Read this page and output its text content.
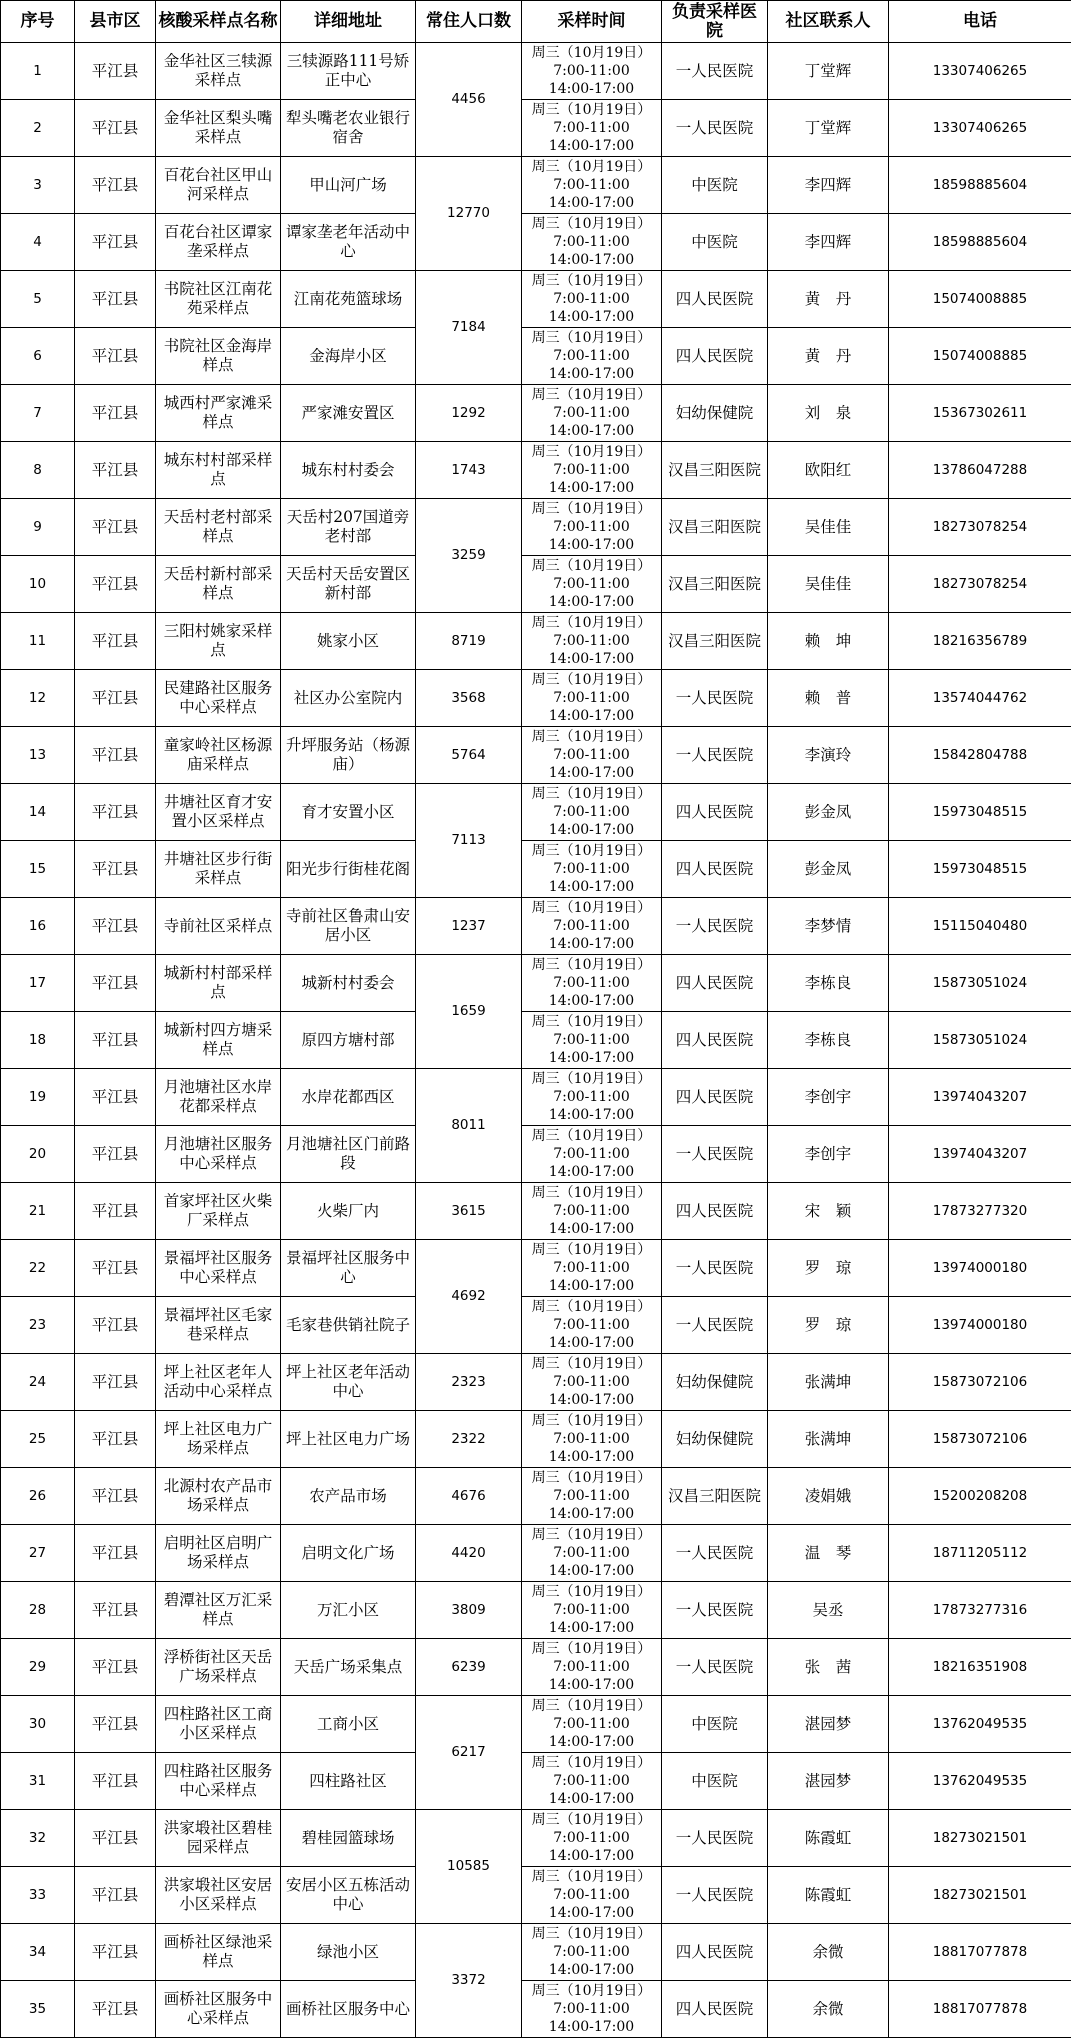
序号	县市区	核酸采样点名称	详细地址	常住人口数	采样时间	负责采样医院	社区联系人	电话
1	平江县	金华社区三犊源采样点	三犊源路111号矫正中心	4456	周三（10月19日）
7:00-11:00
14:00-17:00	一人民医院	丁堂辉	13307406265
2	平江县	金华社区梨头嘴采样点	犁头嘴老农业银行宿舍		周三（10月19日）
7:00-11:00
14:00-17:00	一人民医院	丁堂辉	13307406265
3	平江县	百花台社区甲山河采样点	甲山河广场	12770	周三（10月19日）
7:00-11:00
14:00-17:00	中医院	李四辉	18598885604
4	平江县	百花台社区谭家垄采样点	谭家垄老年活动中心		周三（10月19日）
7:00-11:00
14:00-17:00	中医院	李四辉	18598885604
5	平江县	书院社区江南花苑采样点	江南花苑篮球场	7184	周三（10月19日）
7:00-11:00
14:00-17:00	四人民医院	黄　丹	15074008885
6	平江县	书院社区金海岸样点	金海岸小区		周三（10月19日）
7:00-11:00
14:00-17:00	四人民医院	黄　丹	15074008885
7	平江县	城西村严家滩采样点	严家滩安置区	1292	周三（10月19日）
7:00-11:00
14:00-17:00	妇幼保健院	刘　泉	15367302611
8	平江县	城东村村部采样点	城东村村委会	1743	周三（10月19日）
7:00-11:00
14:00-17:00	汉昌三阳医院	欧阳红	13786047288
9	平江县	天岳村老村部采样点	天岳村207国道旁老村部	3259	周三（10月19日）
7:00-11:00
14:00-17:00	汉昌三阳医院	吴佳佳	18273078254
10	平江县	天岳村新村部采样点	天岳村天岳安置区新村部		周三（10月19日）
7:00-11:00
14:00-17:00	汉昌三阳医院	吴佳佳	18273078254
11	平江县	三阳村姚家采样点	姚家小区	8719	周三（10月19日）
7:00-11:00
14:00-17:00	汉昌三阳医院	赖　坤	18216356789
12	平江县	民建路社区服务中心采样点	社区办公室院内	3568	周三（10月19日）
7:00-11:00
14:00-17:00	一人民医院	赖　普	13574044762
13	平江县	童家岭社区杨源庙采样点	升坪服务站（杨源庙）	5764	周三（10月19日）
7:00-11:00
14:00-17:00	一人民医院	李演玲	15842804788
14	平江县	井塘社区育才安置小区采样点	育才安置小区	7113	周三（10月19日）
7:00-11:00
14:00-17:00	四人民医院	彭金凤	15973048515
15	平江县	井塘社区步行街采样点	阳光步行街桂花阁		周三（10月19日）
7:00-11:00
14:00-17:00	四人民医院	彭金凤	15973048515
16	平江县	寺前社区采样点	寺前社区鲁肃山安居小区	1237	周三（10月19日）
7:00-11:00
14:00-17:00	一人民医院	李梦情	15115040480
17	平江县	城新村村部采样点	城新村村委会	1659	周三（10月19日）
7:00-11:00
14:00-17:00	四人民医院	李栋良	15873051024
18	平江县	城新村四方塘采样点	原四方塘村部		周三（10月19日）
7:00-11:00
14:00-17:00	四人民医院	李栋良	15873051024
19	平江县	月池塘社区水岸花都采样点	水岸花都西区	8011	周三（10月19日）
7:00-11:00
14:00-17:00	四人民医院	李创宇	13974043207
20	平江县	月池塘社区服务中心采样点	月池塘社区门前路段		周三（10月19日）
7:00-11:00
14:00-17:00	一人民医院	李创宇	13974043207
21	平江县	首家坪社区火柴厂采样点	火柴厂内	3615	周三（10月19日）
7:00-11:00
14:00-17:00	四人民医院	宋　颖	17873277320
22	平江县	景福坪社区服务中心采样点	景福坪社区服务中心	4692	周三（10月19日）
7:00-11:00
14:00-17:00	一人民医院	罗　琼	13974000180
23	平江县	景福坪社区毛家巷采样点	毛家巷供销社院子		周三（10月19日）
7:00-11:00
14:00-17:00	一人民医院	罗　琼	13974000180
24	平江县	坪上社区老年人活动中心采样点	坪上社区老年活动中心	2323	周三（10月19日）
7:00-11:00
14:00-17:00	妇幼保健院	张满坤	15873072106
25	平江县	坪上社区电力广场采样点	坪上社区电力广场	2322	周三（10月19日）
7:00-11:00
14:00-17:00	妇幼保健院	张满坤	15873072106
26	平江县	北源村农产品市场采样点	农产品市场	4676	周三（10月19日）
7:00-11:00
14:00-17:00	汉昌三阳医院	凌娟娥	15200208208
27	平江县	启明社区启明广场采样点	启明文化广场	4420	周三（10月19日）
7:00-11:00
14:00-17:00	一人民医院	温　琴	18711205112
28	平江县	碧潭社区万汇采样点	万汇小区	3809	周三（10月19日）
7:00-11:00
14:00-17:00	一人民医院	吴丞	17873277316
29	平江县	浮桥街社区天岳广场采样点	天岳广场采集点	6239	周三（10月19日）
7:00-11:00
14:00-17:00	一人民医院	张　茜	18216351908
30	平江县	四柱路社区工商小区采样点	工商小区	6217	周三（10月19日）
7:00-11:00
14:00-17:00	中医院	湛园梦	13762049535
31	平江县	四柱路社区服务中心采样点	四柱路社区		周三（10月19日）
7:00-11:00
14:00-17:00	中医院	湛园梦	13762049535
32	平江县	洪家塅社区碧桂园采样点	碧桂园篮球场	10585	周三（10月19日）
7:00-11:00
14:00-17:00	一人民医院	陈霞虹	18273021501
33	平江县	洪家塅社区安居小区采样点	安居小区五栋活动中心		周三（10月19日）
7:00-11:00
14:00-17:00	一人民医院	陈霞虹	18273021501
34	平江县	画桥社区绿池采样点	绿池小区	3372	周三（10月19日）
7:00-11:00
14:00-17:00	四人民医院	余微	18817077878
35	平江县	画桥社区服务中心采样点	画桥社区服务中心		周三（10月19日）
7:00-11:00
14:00-17:00	四人民医院	余微	18817077878
